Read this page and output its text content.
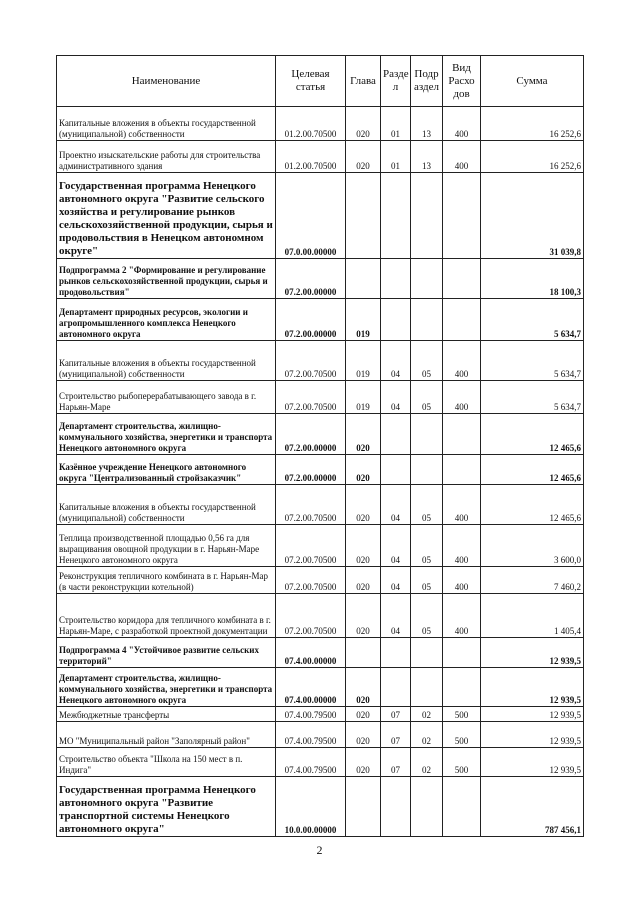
Наименование	Целевая статья	Глава	Разде л	Подр аздел	Вид Расхо дов	Сумма
Капитальные вложения в объекты государственной (муниципальной) собственности	01.2.00.70500	020	01	13	400	16 252,6
Проектно изыскательские работы для строительства административного здания	01.2.00.70500	020	01	13	400	16 252,6
Государственная программа Ненецкого автономного округа "Развитие сельского хозяйства и регулирование рынков сельскохозяйственной продукции, сырья и продовольствия в Ненецком автономном округе"	07.0.00.00000					31 039,8
Подпрограмма 2 "Формирование и регулирование рынков сельскохозяйственной продукции, сырья и продовольствия"	07.2.00.00000					18 100,3
Департамент природных ресурсов, экологии и агропромышленного комплекса Ненецкого автономного округа	07.2.00.00000	019				5 634,7
Капитальные вложения в объекты государственной (муниципальной) собственности	07.2.00.70500	019	04	05	400	5 634,7
Строительство рыбоперерабатывающего завода в г. Нарьян-Маре	07.2.00.70500	019	04	05	400	5 634,7
Департамент строительства, жилищно-коммунального хозяйства, энергетики и транспорта Ненецкого автономного округа	07.2.00.00000	020				12 465,6
Казённое учреждение Ненецкого автономного округа "Централизованный стройзаказчик"	07.2.00.00000	020				12 465,6
Капитальные вложения в объекты государственной (муниципальной) собственности	07.2.00.70500	020	04	05	400	12 465,6
Теплица производственной площадью 0,56 га для выращивания овощной продукции в г. Нарьян-Маре Ненецкого автономного округа	07.2.00.70500	020	04	05	400	3 600,0
Реконструкция тепличного комбината в г. Нарьян-Мар (в части реконструкции котельной)	07.2.00.70500	020	04	05	400	7 460,2
Строительство коридора для тепличного комбината в г. Нарьян-Маре, с разработкой проектной документации	07.2.00.70500	020	04	05	400	1 405,4
Подпрограмма 4 "Устойчивое развитие сельских территорий"	07.4.00.00000					12 939,5
Департамент строительства, жилищно-коммунального хозяйства, энергетики и транспорта Ненецкого автономного округа	07.4.00.00000	020				12 939,5
Межбюджетные трансферты	07.4.00.79500	020	07	02	500	12 939,5
МО "Муниципальный район "Заполярный район"	07.4.00.79500	020	07	02	500	12 939,5
Строительство объекта "Школа на 150 мест в п. Индига"	07.4.00.79500	020	07	02	500	12 939,5
Государственная программа Ненецкого автономного округа "Развитие транспортной системы Ненецкого автономного округа"	10.0.00.00000					787 456,1
2
